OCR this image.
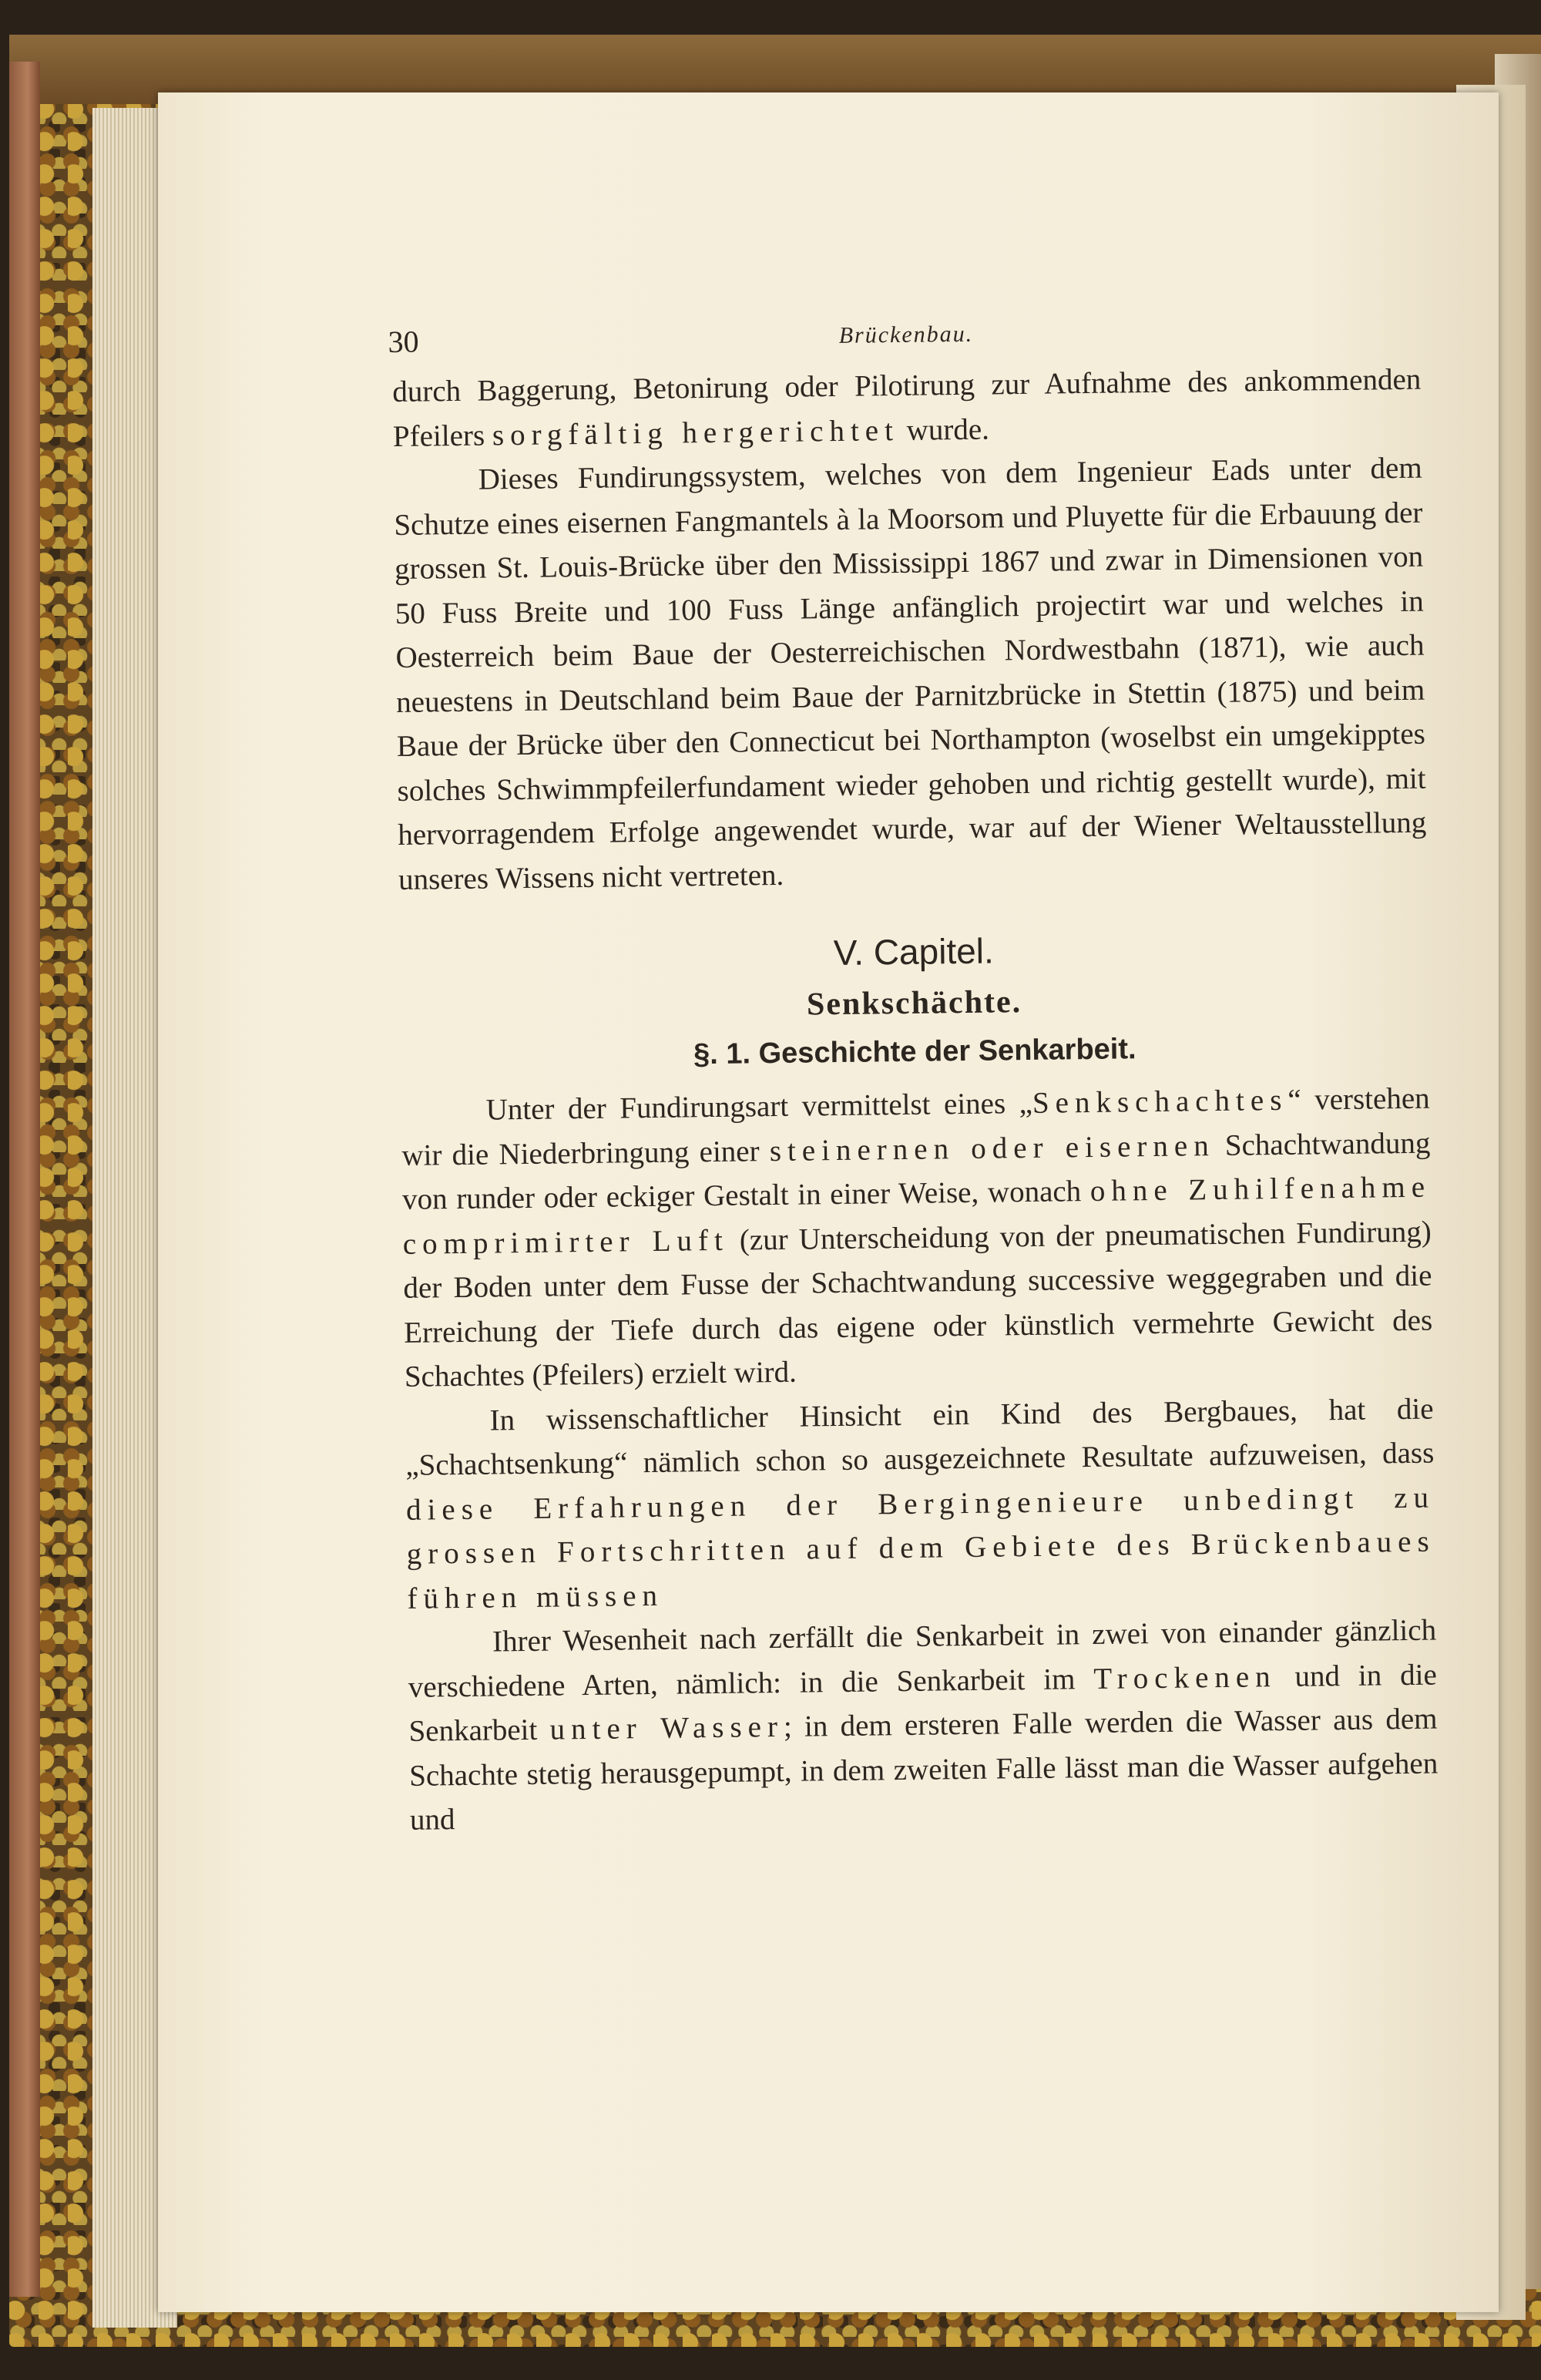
30	Brückenbau.

durch Baggerung, Betonirung oder Pilotirung zur Aufnahme des ankommenden Pfeilers sorgfältig hergerichtet wurde.

Dieses Fundirungssystem, welches von dem Ingenieur Eads unter dem Schutze eines eisernen Fangmantels à la Moorsom und Pluyette für die Erbauung der grossen St. Louis-Brücke über den Mississippi 1867 und zwar in Dimensionen von 50 Fuss Breite und 100 Fuss Länge anfänglich projectirt war und welches in Oesterreich beim Baue der Oesterreichischen Nordwestbahn (1871), wie auch neuestens in Deutschland beim Baue der Parnitzbrücke in Stettin (1875) und beim Baue der Brücke über den Connecticut bei Northampton (woselbst ein umgekipptes solches Schwimmpfeilerfundament wieder gehoben und richtig gestellt wurde), mit hervorragendem Erfolge angewendet wurde, war auf der Wiener Weltausstellung unseres Wissens nicht vertreten.

V. Capitel.
Senkschächte.
§. 1. Geschichte der Senkarbeit.

Unter der Fundirungsart vermittelst eines „Senkschachtes“ verstehen wir die Niederbringung einer steinernen oder eisernen Schachtwandung von runder oder eckiger Gestalt in einer Weise, wonach ohne Zuhilfenahme comprimirter Luft (zur Unterscheidung von der pneumatischen Fundirung) der Boden unter dem Fusse der Schachtwandung successive weggegraben und die Erreichung der Tiefe durch das eigene oder künstlich vermehrte Gewicht des Schachtes (Pfeilers) erzielt wird.

In wissenschaftlicher Hinsicht ein Kind des Bergbaues, hat die „Schachtsenkung“ nämlich schon so ausgezeichnete Resultate aufzuweisen, dass diese Erfahrungen der Bergingenieure unbedingt zu grossen Fortschritten auf dem Gebiete des Brückenbaues führen müssen

Ihrer Wesenheit nach zerfällt die Senkarbeit in zwei von einander gänzlich verschiedene Arten, nämlich: in die Senkarbeit im Trockenen und in die Senkarbeit unter Wasser; in dem ersteren Falle werden die Wasser aus dem Schachte stetig herausgepumpt, in dem zweiten Falle lässt man die Wasser aufgehen und
